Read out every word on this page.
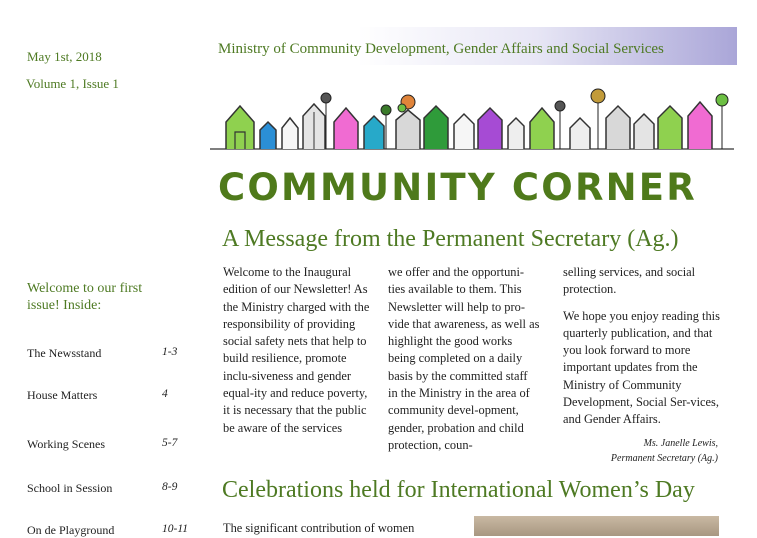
May 1st, 2018
Volume 1, Issue 1
Ministry of Community Development, Gender Affairs and Social Services
COMMUNITY CORNER
A Message from the Permanent Secretary (Ag.)
Welcome to the Inaugural edition of our Newsletter! As the Ministry charged with the responsibility of providing social safety nets that help to build resilience, promote inclu-siveness and gender equal-ity and reduce poverty, it is necessary that the public be aware of the services
we offer and the opportuni-ties available to them. This Newsletter will help to pro-vide that awareness, as well as highlight the good works being completed on a daily basis by the committed staff in the Ministry in the area of community devel-opment, gender, probation and child protection, coun-

selling services, and social protection.

We hope you enjoy reading this quarterly publication, and that you look forward to more important updates from the Ministry of Community Development, Social Ser-vices, and Gender Affairs.

Ms. Janelle Lewis,
Permanent Secretary (Ag.)
Celebrations held for International Women’s Day
The significant contribution of women
Welcome to our first issue! Inside:
The Newsstand	1-3
House Matters	4
Working Scenes	5-7
School in Session	8-9
On de Playground	10-11
